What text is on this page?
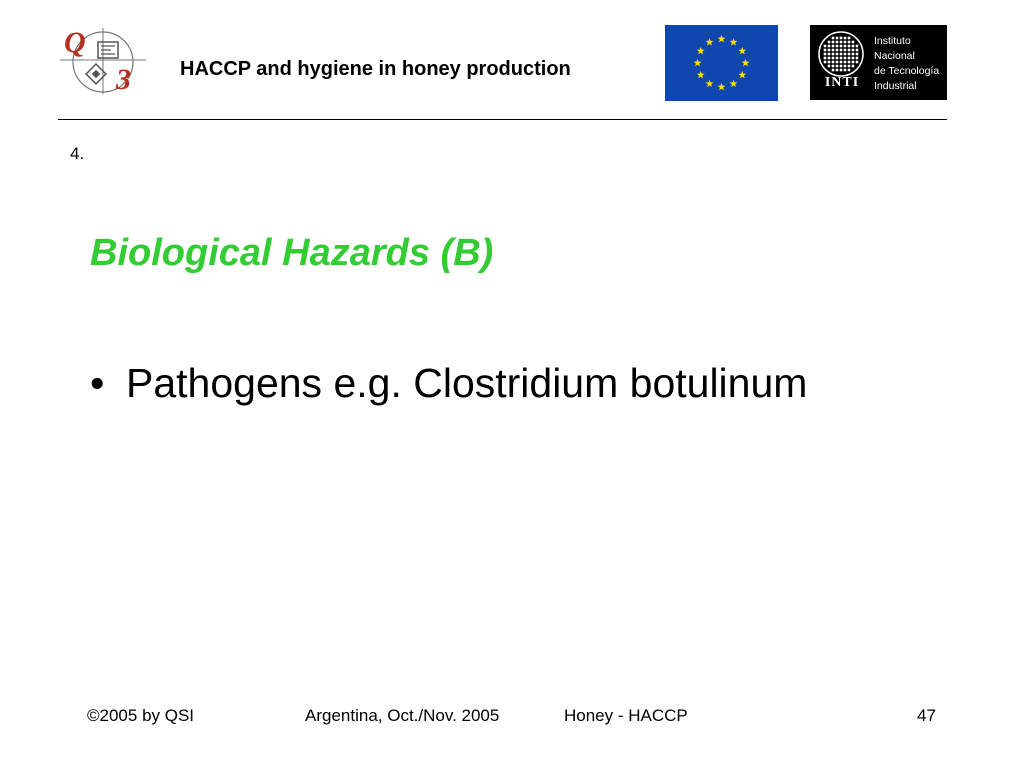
Q
3 HACCP and hygiene in honey production
INTI
Instituto
Nacional
de Tecnología
Industrial
4.
Biological Hazards (B)
• Pathogens e.g. Clostridium botulinum
©2005 by QSI	Argentina, Oct./Nov. 2005	Honey - HACCP	47
